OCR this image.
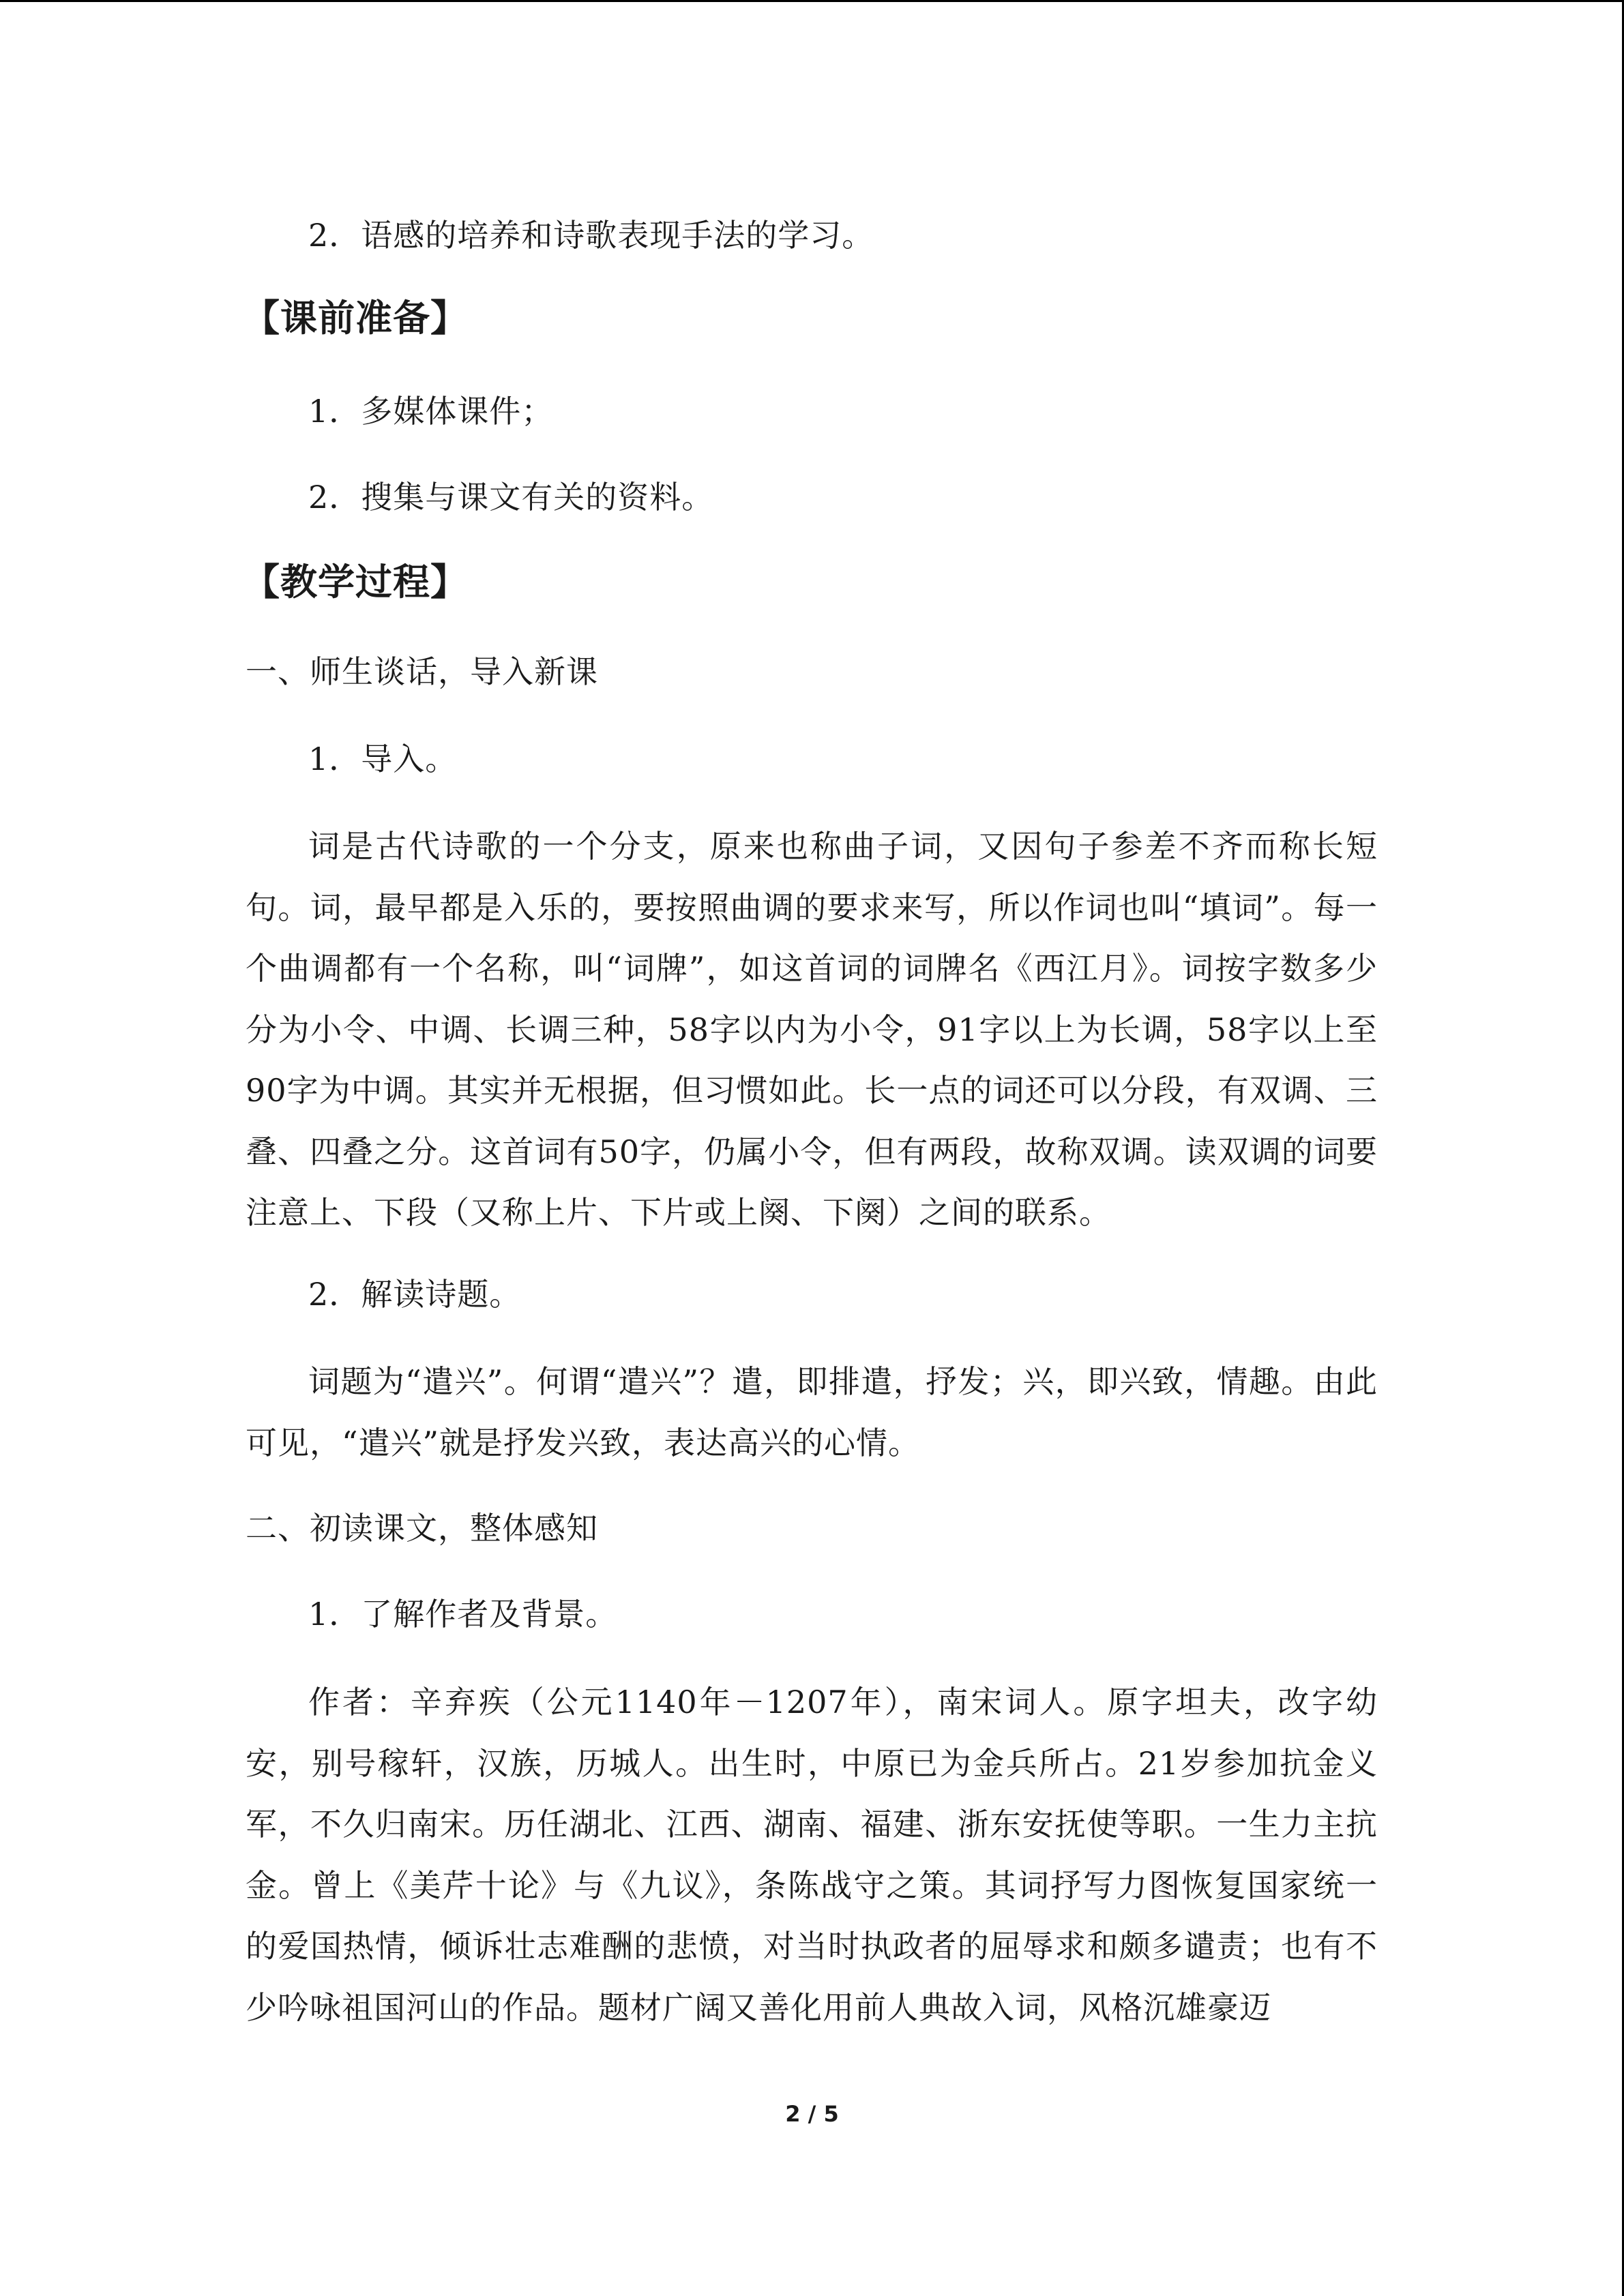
2．语感的培养和诗歌表现手法的学习。
【课前准备】
1．多媒体课件；
2．搜集与课文有关的资料。
【教学过程】
一、师生谈话，导入新课
1．导入。
词是古代诗歌的一个分支，原来也称曲子词，又因句子参差不齐而称长短句。词，最早都是入乐的，要按照曲调的要求来写，所以作词也叫“填词”。每一个曲调都有一个名称，叫“词牌”，如这首词的词牌名《西江月》。词按字数多少分为小令、中调、长调三种，58字以内为小令，91字以上为长调，58字以上至90字为中调。其实并无根据，但习惯如此。长一点的词还可以分段，有双调、三叠、四叠之分。这首词有50字，仍属小令，但有两段，故称双调。读双调的词要注意上、下段（又称上片、下片或上阕、下阕）之间的联系。
2．解读诗题。
词题为“遣兴”。何谓“遣兴”？遣，即排遣，抒发；兴，即兴致，情趣。由此可见，“遣兴”就是抒发兴致，表达高兴的心情。
二、初读课文，整体感知
1．了解作者及背景。
作者：辛弃疾（公元1140年－1207年），南宋词人。原字坦夫，改字幼安，别号稼轩，汉族，历城人。出生时，中原已为金兵所占。21岁参加抗金义军，不久归南宋。历任湖北、江西、湖南、福建、浙东安抚使等职。一生力主抗金。曾上《美芹十论》与《九议》，条陈战守之策。其词抒写力图恢复国家统一的爱国热情，倾诉壮志难酬的悲愤，对当时执政者的屈辱求和颇多谴责；也有不少吟咏祖国河山的作品。题材广阔又善化用前人典故入词，风格沉雄豪迈
2 / 5
